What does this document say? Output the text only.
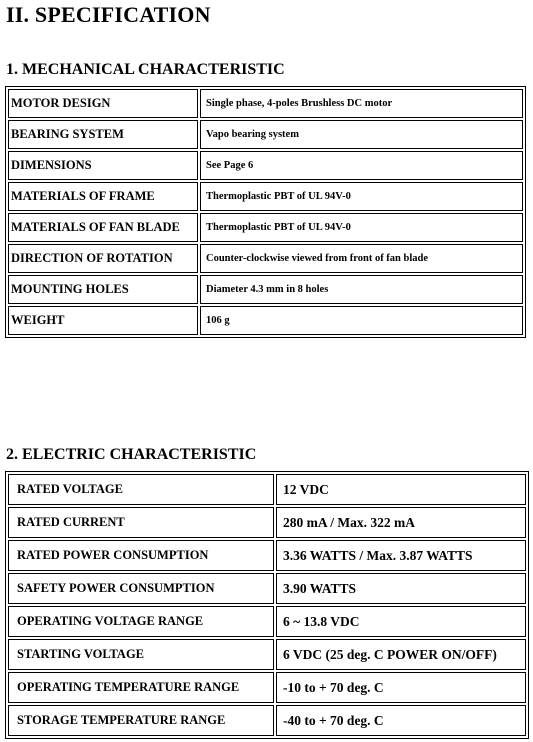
II. SPECIFICATION
1. MECHANICAL CHARACTERISTIC
MOTOR DESIGN	Single phase, 4-poles Brushless DC motor
BEARING SYSTEM	Vapo bearing system
DIMENSIONS	See Page 6
MATERIALS OF FRAME	Thermoplastic PBT of UL 94V-0
MATERIALS OF FAN BLADE	Thermoplastic PBT of UL 94V-0
DIRECTION OF ROTATION	Counter-clockwise viewed from front of fan blade
MOUNTING HOLES	Diameter 4.3 mm in 8 holes
WEIGHT	106 g
2. ELECTRIC CHARACTERISTIC
RATED VOLTAGE	12 VDC
RATED CURRENT	280 mA / Max. 322 mA
RATED POWER CONSUMPTION	3.36 WATTS / Max. 3.87 WATTS
SAFETY POWER CONSUMPTION	3.90 WATTS
OPERATING VOLTAGE RANGE	6 ~ 13.8 VDC
STARTING VOLTAGE	6 VDC (25 deg. C POWER ON/OFF)
OPERATING TEMPERATURE RANGE	-10 to + 70 deg. C
STORAGE TEMPERATURE RANGE	-40 to + 70 deg. C
